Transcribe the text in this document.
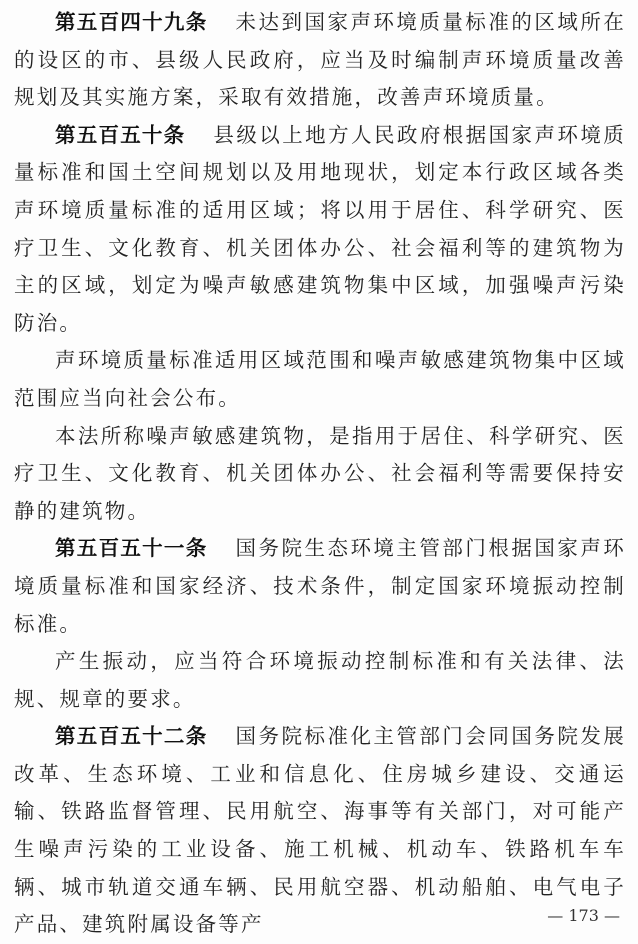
第五百四十九条 未达到国家声环境质量标准的区域所在的设区的市、县级人民政府，应当及时编制声环境质量改善规划及其实施方案，采取有效措施，改善声环境质量。

第五百五十条 县级以上地方人民政府根据国家声环境质量标准和国土空间规划以及用地现状，划定本行政区域各类声环境质量标准的适用区域；将以用于居住、科学研究、医疗卫生、文化教育、机关团体办公、社会福利等的建筑物为主的区域，划定为噪声敏感建筑物集中区域，加强噪声污染防治。

声环境质量标准适用区域范围和噪声敏感建筑物集中区域范围应当向社会公布。

本法所称噪声敏感建筑物，是指用于居住、科学研究、医疗卫生、文化教育、机关团体办公、社会福利等需要保持安静的建筑物。

第五百五十一条 国务院生态环境主管部门根据国家声环境质量标准和国家经济、技术条件，制定国家环境振动控制标准。

产生振动，应当符合环境振动控制标准和有关法律、法规、规章的要求。

第五百五十二条 国务院标准化主管部门会同国务院发展改革、生态环境、工业和信息化、住房城乡建设、交通运输、铁路监督管理、民用航空、海事等有关部门，对可能产生噪声污染的工业设备、施工机械、机动车、铁路机车车辆、城市轨道交通车辆、民用航空器、机动船舶、电气电子产品、建筑附属设备等产	— 173 —
